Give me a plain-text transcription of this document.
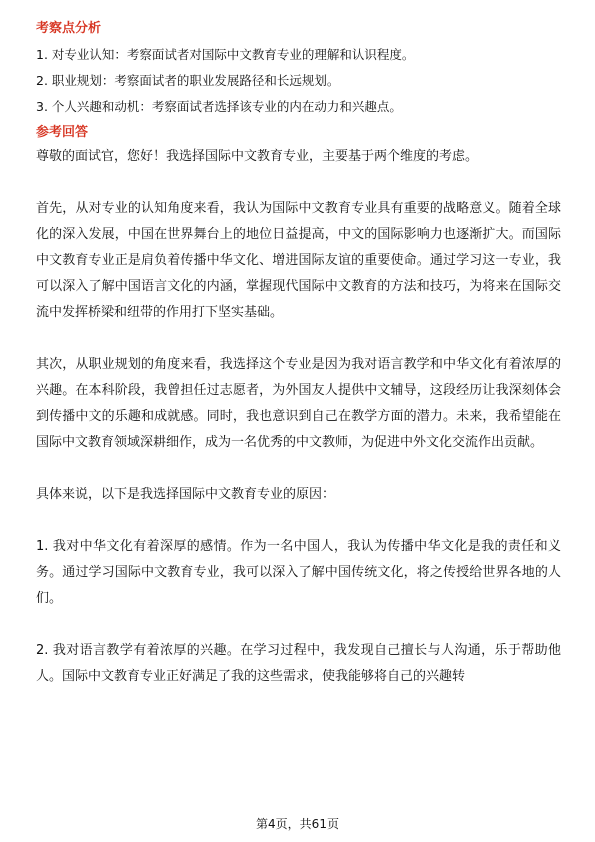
考察点分析

1. 对专业认知：考察面试者对国际中文教育专业的理解和认识程度。

2. 职业规划：考察面试者的职业发展路径和长远规划。

3. 个人兴趣和动机：考察面试者选择该专业的内在动力和兴趣点。

参考回答

尊敬的面试官，您好！我选择国际中文教育专业，主要基于两个维度的考虑。

首先，从对专业的认知角度来看，我认为国际中文教育专业具有重要的战略意义。随着全球化的深入发展，中国在世界舞台上的地位日益提高，中文的国际影响力也逐渐扩大。而国际中文教育专业正是肩负着传播中华文化、增进国际友谊的重要使命。通过学习这一专业，我可以深入了解中国语言文化的内涵，掌握现代国际中文教育的方法和技巧，为将来在国际交流中发挥桥梁和纽带的作用打下坚实基础。

其次，从职业规划的角度来看，我选择这个专业是因为我对语言教学和中华文化有着浓厚的兴趣。在本科阶段，我曾担任过志愿者，为外国友人提供中文辅导，这段经历让我深刻体会到传播中文的乐趣和成就感。同时，我也意识到自己在教学方面的潜力。未来，我希望能在国际中文教育领域深耕细作，成为一名优秀的中文教师，为促进中外文化交流作出贡献。

具体来说，以下是我选择国际中文教育专业的原因：

1. 我对中华文化有着深厚的感情。作为一名中国人，我认为传播中华文化是我的责任和义务。通过学习国际中文教育专业，我可以深入了解中国传统文化，将之传授给世界各地的人们。

2. 我对语言教学有着浓厚的兴趣。在学习过程中，我发现自己擅长与人沟通，乐于帮助他人。国际中文教育专业正好满足了我的这些需求，使我能够将自己的兴趣转

第4页，共61页
